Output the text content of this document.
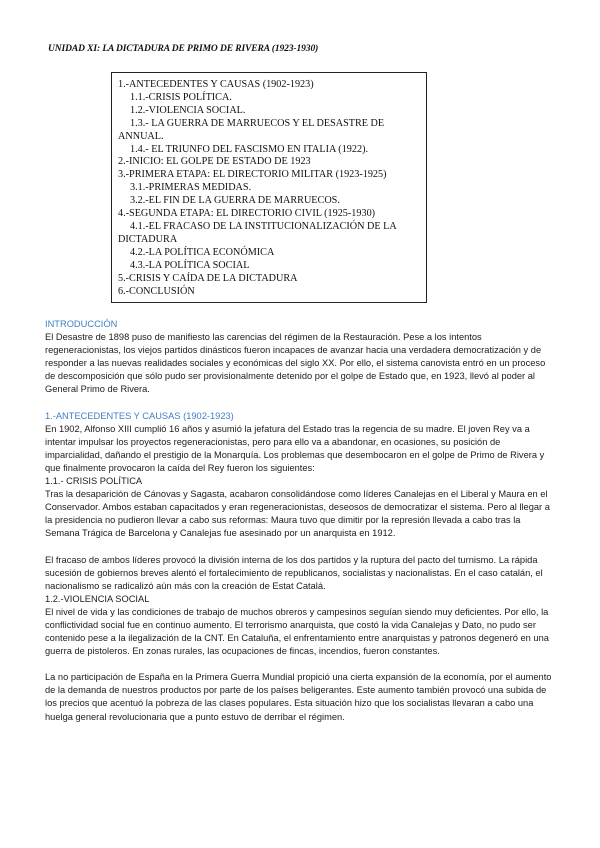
UNIDAD XI: LA DICTADURA DE PRIMO DE RIVERA (1923-1930)

1.-ANTECEDENTES Y CAUSAS (1902-1923)

1.1.-CRISIS POLÍTICA.

1.2.-VIOLENCIA SOCIAL.

1.3.- LA GUERRA DE MARRUECOS Y EL DESASTRE DE ANNUAL.

1.4.- EL TRIUNFO DEL FASCISMO EN ITALIA (1922).

2.-INICIO: EL GOLPE DE ESTADO DE 1923

3.-PRIMERA ETAPA: EL DIRECTORIO MILITAR (1923-1925)

3.1.-PRIMERAS MEDIDAS.

3.2.-EL FIN DE LA GUERRA DE MARRUECOS.

4.-SEGUNDA ETAPA: EL DIRECTORIO CIVIL (1925-1930)

4.1.-EL FRACASO DE LA INSTITUCIONALIZACIÓN DE LA DICTADURA

4.2.-LA POLÍTICA ECONÓMICA

4.3.-LA POLÍTICA SOCIAL

5.-CRISIS Y CAÍDA DE LA DICTADURA

6.-CONCLUSIÓN

INTRODUCCIÓN

El Desastre de 1898 puso de manifiesto las carencias del régimen de la Restauración. Pese a los intentos regeneracionistas, los viejos partidos dinásticos fueron incapaces de avanzar hacia una verdadera democratización y de responder a las nuevas realidades sociales y económicas del siglo XX. Por ello, el sistema canovista entró en un proceso de descomposición que sólo pudo ser provisionalmente detenido por el golpe de Estado que, en 1923, llevó al poder al General Primo de Rivera.

1.-ANTECEDENTES Y CAUSAS (1902-1923)

En 1902, Alfonso XIII cumplió 16 años y asumió la jefatura del Estado tras la regencia de su madre. El joven Rey va a intentar impulsar los proyectos regeneracionistas, pero para ello va a abandonar, en ocasiones, su posición de imparcialidad, dañando el prestigio de la Monarquía. Los problemas que desembocaron en el golpe de Primo de Rivera y que finalmente provocaron la caída del Rey fueron los siguientes:

1.1.- CRISIS POLÍTICA

Tras la desaparición de Cánovas y Sagasta, acabaron consolidándose como líderes Canalejas en el Liberal y Maura en el Conservador. Ambos estaban capacitados y eran regeneracionistas, deseosos de democratizar el sistema. Pero al llegar a la presidencia no pudieron llevar a cabo sus reformas: Maura tuvo que dimitir por la represión llevada a cabo tras la Semana Trágica de Barcelona y Canalejas fue asesinado por un anarquista en 1912.

El fracaso de ambos líderes provocó la división interna de los dos partidos y la ruptura del pacto del turnismo. La rápida sucesión de gobiernos breves alentó el fortalecimiento de republicanos, socialistas y nacionalistas. En el caso catalán, el nacionalismo se radicalizó aún más con la creación de Estat Catalá.

1.2.-VIOLENCIA SOCIAL

El nivel de vida y las condiciones de trabajo de muchos obreros y campesinos seguían siendo muy deficientes. Por ello, la conflictividad social fue en continuo aumento. El terrorismo anarquista, que costó la vida Canalejas y Dato, no pudo ser contenido pese a la ilegalización de la CNT. En Cataluña, el enfrentamiento entre anarquistas y patronos degeneró en una guerra de pistoleros. En zonas rurales, las ocupaciones de fincas, incendios, fueron constantes.

La no participación de España en la Primera Guerra Mundial propició una cierta expansión de la economía, por el aumento de la demanda de nuestros productos por parte de los países beligerantes. Este aumento también provocó una subida de los precios que acentuó la pobreza de las clases populares. Esta situación hizo que los socialistas llevaran a cabo una huelga general revolucionaria que a punto estuvo de derribar el régimen.
